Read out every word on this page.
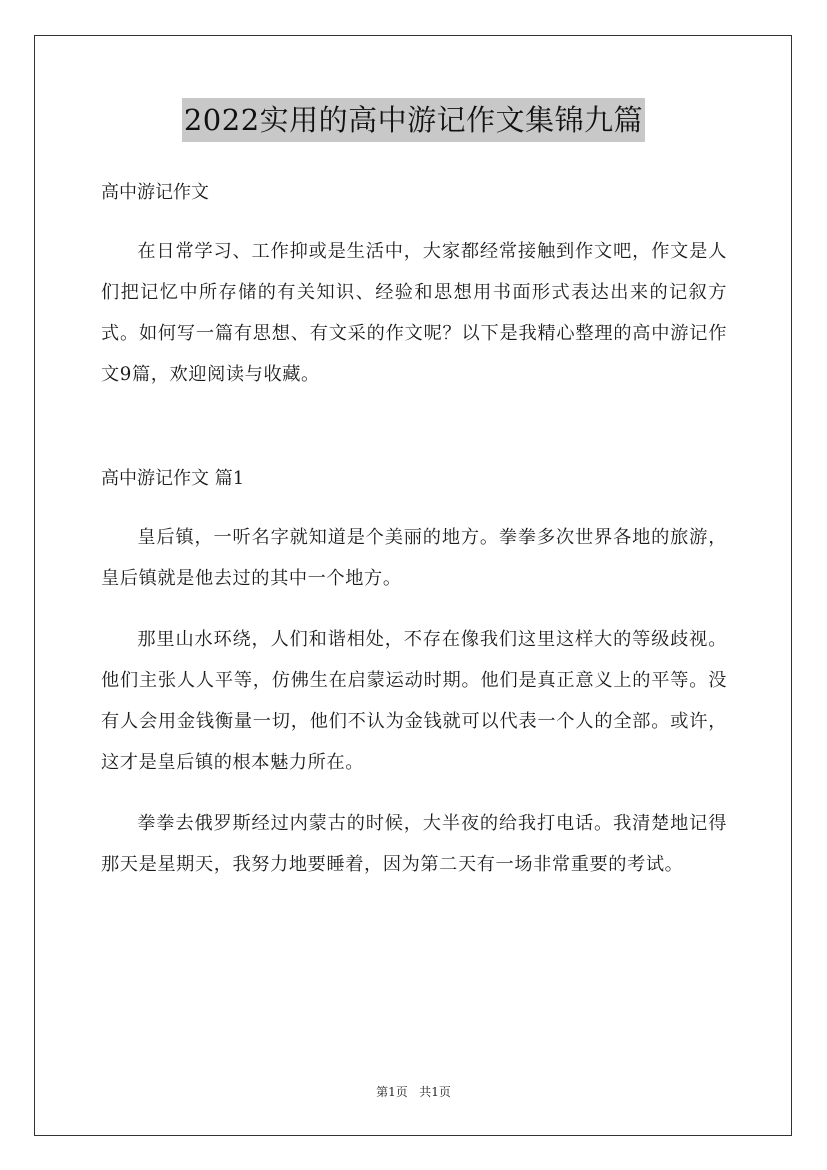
2022实用的高中游记作文集锦九篇

高中游记作文

在日常学习、工作抑或是生活中，大家都经常接触到作文吧，作文是人们把记忆中所存储的有关知识、经验和思想用书面形式表达出来的记叙方式。如何写一篇有思想、有文采的作文呢？以下是我精心整理的高中游记作文9篇，欢迎阅读与收藏。

高中游记作文 篇1

皇后镇，一听名字就知道是个美丽的地方。拳拳多次世界各地的旅游，皇后镇就是他去过的其中一个地方。

那里山水环绕，人们和谐相处，不存在像我们这里这样大的等级歧视。他们主张人人平等，仿佛生在启蒙运动时期。他们是真正意义上的平等。没有人会用金钱衡量一切，他们不认为金钱就可以代表一个人的全部。或许，这才是皇后镇的根本魅力所在。

拳拳去俄罗斯经过内蒙古的时候，大半夜的给我打电话。我清楚地记得那天是星期天，我努力地要睡着，因为第二天有一场非常重要的考试。

第1页   共1页
